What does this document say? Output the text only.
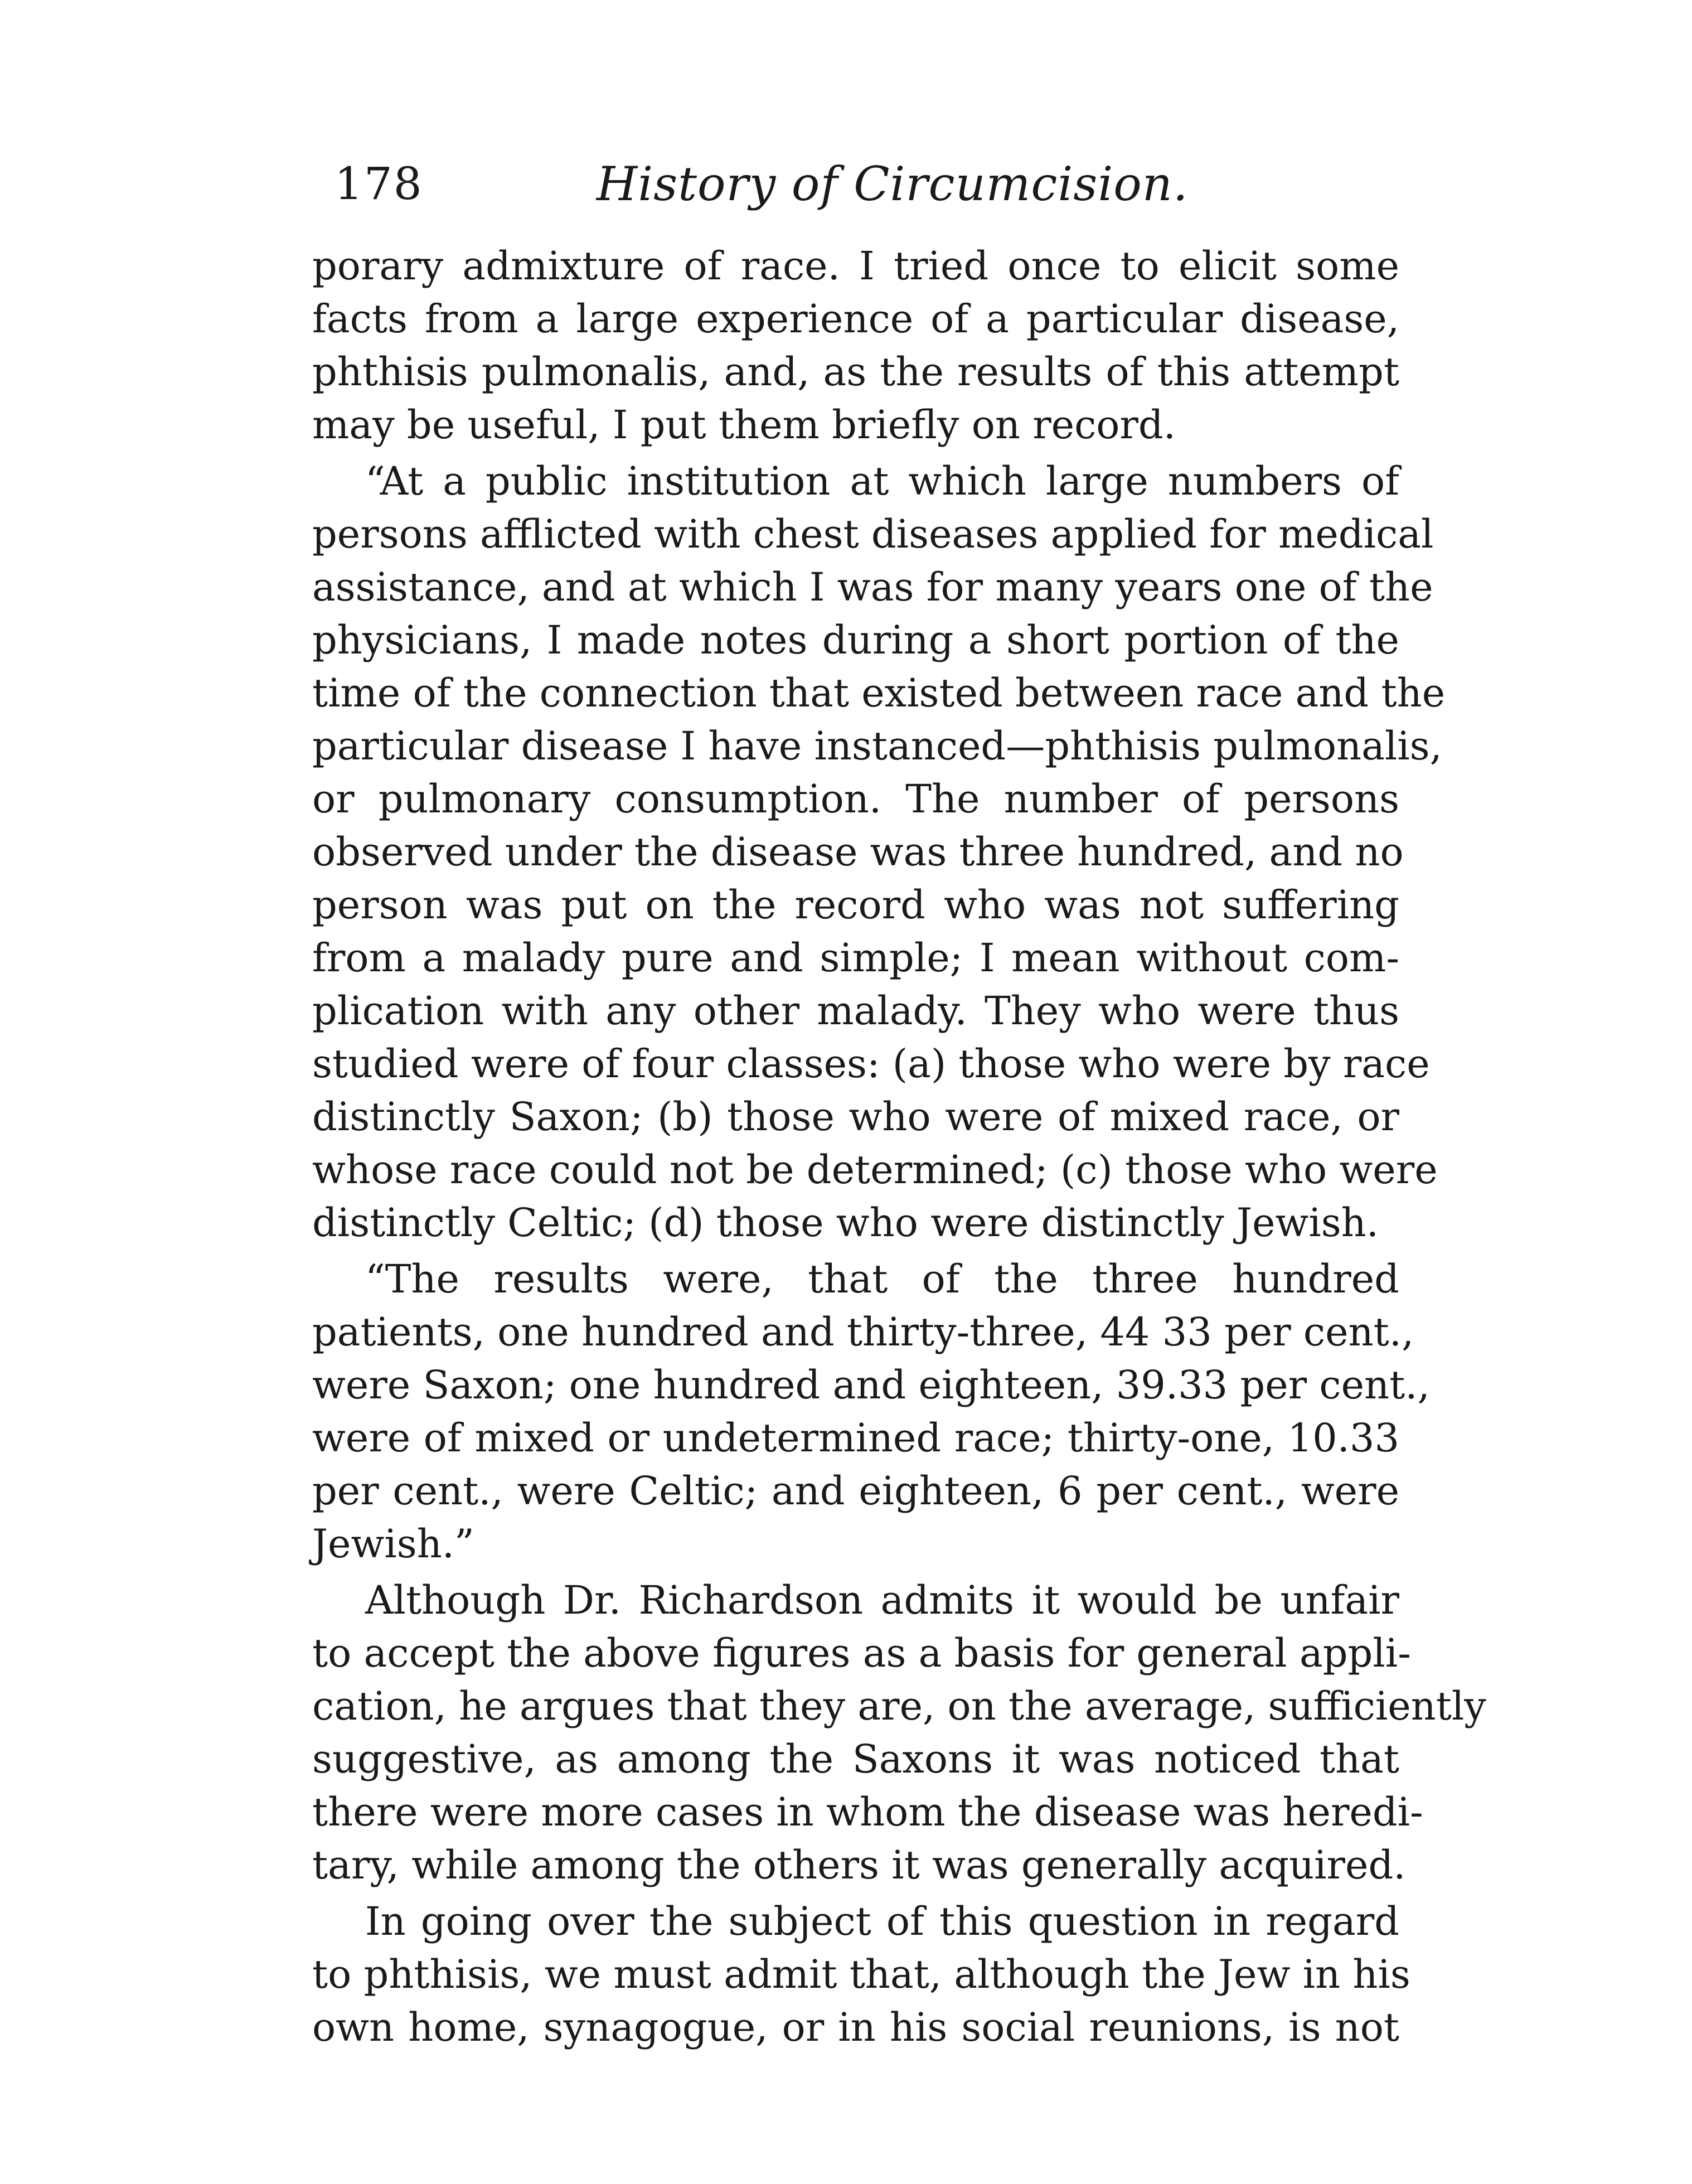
178	History of Circumcision.
porary admixture of race. I tried once to elicit some
facts from a large experience of a particular disease,
phthisis pulmonalis, and, as the results of this attempt
may be useful, I put them briefly on record.
“At a public institution at which large numbers of
persons afflicted with chest diseases applied for medical
assistance, and at which I was for many years one of the
physicians, I made notes during a short portion of the
time of the connection that existed between race and the
particular disease I have instanced—phthisis pulmonalis,
or pulmonary consumption. The number of persons
observed under the disease was three hundred, and no
person was put on the record who was not suffering
from a malady pure and simple; I mean without com-
plication with any other malady. They who were thus
studied were of four classes: (a) those who were by race
distinctly Saxon; (b) those who were of mixed race, or
whose race could not be determined; (c) those who were
distinctly Celtic; (d) those who were distinctly Jewish.
“The results were, that of the three hundred
patients, one hundred and thirty-three, 44 33 per cent.,
were Saxon; one hundred and eighteen, 39.33 per cent.,
were of mixed or undetermined race; thirty-one, 10.33
per cent., were Celtic; and eighteen, 6 per cent., were
Jewish.”
Although Dr. Richardson admits it would be unfair
to accept the above figures as a basis for general appli-
cation, he argues that they are, on the average, sufficiently
suggestive, as among the Saxons it was noticed that
there were more cases in whom the disease was heredi-
tary, while among the others it was generally acquired.
In going over the subject of this question in regard
to phthisis, we must admit that, although the Jew in his
own home, synagogue, or in his social reunions, is not
